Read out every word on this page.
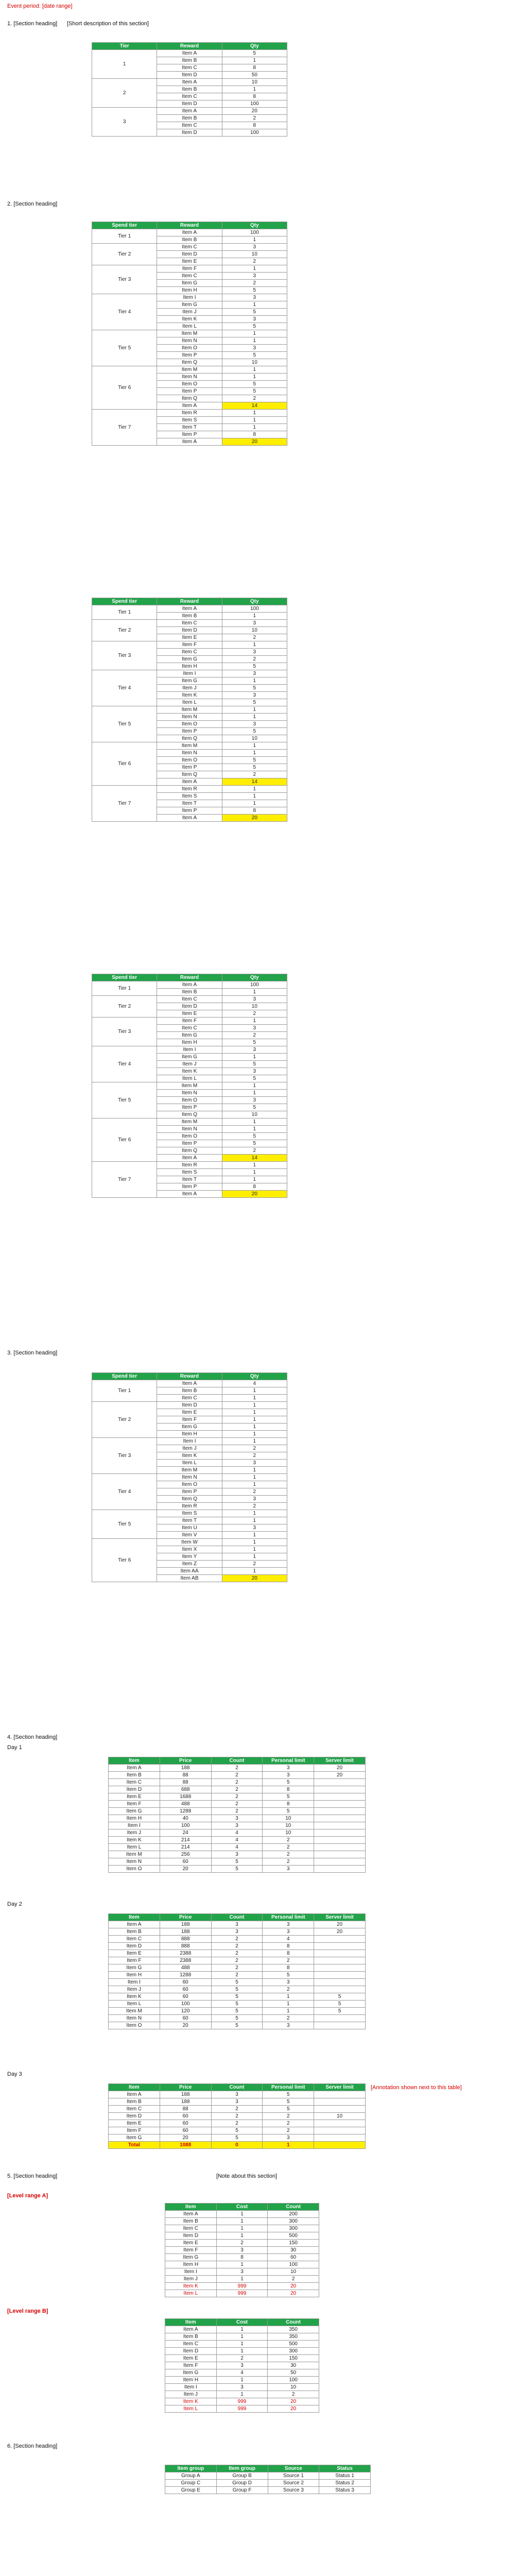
Event period: [date range]
1. [Section heading] [Short description of this section]
Tier	Reward	Qty
1	Item A	5
	Item B	1
	Item C	8
	Item D	50
2	Item A	10
	Item B	1
	Item C	8
	Item D	100
3	Item A	20
	Item B	2
	Item C	8
	Item D	100
2. [Section heading]
Spend tier	Reward	Qty
Tier 1	Item A	100
	Item B	1
Tier 2	Item C	3
	Item D	10
	Item E	2
Tier 3	Item F	1
	Item C	3
	Item G	2
	Item H	5
Tier 4	Item I	3
	Item G	1
	Item J	5
	Item K	3
	Item L	5
Tier 5	Item M	1
	Item N	1
	Item O	3
	Item P	5
	Item Q	10
Tier 6	Item M	1
	Item N	1
	Item O	5
	Item P	5
	Item Q	2
	Item A	14
Tier 7	Item R	1
	Item S	1
	Item T	1
	Item P	8
	Item A	20
Spend tier	Reward	Qty
Tier 1	Item A	100
	Item B	1
Tier 2	Item C	3
	Item D	10
	Item E	2
Tier 3	Item F	1
	Item C	3
	Item G	2
	Item H	5
Tier 4	Item I	3
	Item G	1
	Item J	5
	Item K	3
	Item L	5
Tier 5	Item M	1
	Item N	1
	Item O	3
	Item P	5
	Item Q	10
Tier 6	Item M	1
	Item N	1
	Item O	5
	Item P	5
	Item Q	2
	Item A	14
Tier 7	Item R	1
	Item S	1
	Item T	1
	Item P	8
	Item A	20
Spend tier	Reward	Qty
Tier 1	Item A	100
	Item B	1
Tier 2	Item C	3
	Item D	10
	Item E	2
Tier 3	Item F	1
	Item C	3
	Item G	2
	Item H	5
Tier 4	Item I	3
	Item G	1
	Item J	5
	Item K	3
	Item L	5
Tier 5	Item M	1
	Item N	1
	Item O	3
	Item P	5
	Item Q	10
Tier 6	Item M	1
	Item N	1
	Item O	5
	Item P	5
	Item Q	2
	Item A	14
Tier 7	Item R	1
	Item S	1
	Item T	1
	Item P	8
	Item A	20
3. [Section heading]
Spend tier	Reward	Qty
Tier 1	Item A	4
	Item B	1
	Item C	1
Tier 2	Item D	1
	Item E	1
	Item F	1
	Item G	1
	Item H	1
Tier 3	Item I	1
	Item J	2
	Item K	2
	Item L	3
	Item M	1
Tier 4	Item N	1
	Item O	1
	Item P	2
	Item Q	3
	Item R	2
Tier 5	Item S	1
	Item T	1
	Item U	3
	Item V	1
Tier 6	Item W	1
	Item X	1
	Item Y	1
	Item Z	2
	Item AA	1
	Item AB	20
4. [Section heading]
Day 1
Item	Price	Count	Personal limit	Server limit
Item A	188	2	3	20
Item B	88	2	3	20
Item C	88	2	5	
Item D	688	2	8	
Item E	1688	2	5	
Item F	488	2	8	
Item G	1288	2	5	
Item H	40	3	10	
Item I	100	3	10	
Item J	24	4	10	
Item K	214	4	2	
Item L	214	4	2	
Item M	256	3	2	
Item N	60	5	2	
Item O	20	5	3	
Day 2
Item	Price	Count	Personal limit	Server limit
Item A	188	3	3	20
Item B	188	3	3	20
Item C	888	2	4	
Item D	888	2	8	
Item E	2388	2	8	
Item F	2388	2	2	
Item G	488	2	8	
Item H	1288	2	5	
Item I	60	5	3	
Item J	60	5	2	
Item K	60	5	1	5
Item L	100	5	1	5
Item M	120	5	1	5
Item N	60	5	2	
Item O	20	5	3	
Day 3
Item	Price	Count	Personal limit	Server limit
Item A	188	3	5	
Item B	188	3	5	
Item C	88	2	5	
Item D	60	2	2	10
Item E	60	2	2	
Item F	60	5	2	
Item G	20	5	3	
Total	1088	0	1	
[Annotation shown next to this table]
5. [Section heading]	[Note about this section]
[Level range A]
Item	Cost	Count
Item A	1	200
Item B	1	300
Item C	1	300
Item D	1	500
Item E	2	150
Item F	3	30
Item G	8	60
Item H	1	100
Item I	3	10
Item J	1	2
Item K	999	20
Item L	999	20
[Level range B]
Item	Cost	Count
Item A	1	350
Item B	1	350
Item C	1	500
Item D	1	300
Item E	2	150
Item F	3	30
Item G	4	50
Item H	1	100
Item I	3	10
Item J	1	2
Item K	999	20
Item L	999	20
6. [Section heading]
Item group	Item group	Source	Status
Group A	Group B	Source 1	Status 1
Group C	Group D	Source 2	Status 2
Group E	Group F	Source 3	Status 3
